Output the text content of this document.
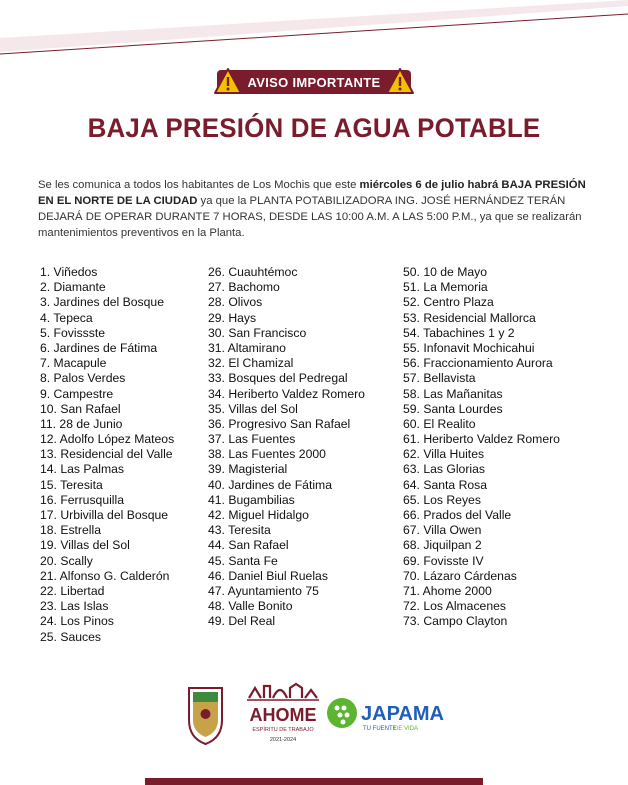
AVISO IMPORTANTE
BAJA PRESIÓN DE AGUA POTABLE

Se les comunica a todos los habitantes de Los Mochis que este miércoles 6 de julio habrá BAJA PRESIÓN EN EL NORTE DE LA CIUDAD ya que la PLANTA POTABILIZADORA ING. JOSÉ HERNÁNDEZ TERÁN DEJARÁ DE OPERAR DURANTE 7 HORAS, DESDE LAS 10:00 A.M. A LAS 5:00 P.M., ya que se realizarán mantenimientos preventivos en la Planta.

1. Viñedos
2. Diamante
3. Jardines del Bosque
4. Tepeca
5. Fovissste
6. Jardines de Fátima
7. Macapule
8. Palos Verdes
9. Campestre
10. San Rafael
11. 28 de Junio
12. Adolfo López Mateos
13. Residencial del Valle
14. Las Palmas
15. Teresita
16. Ferrusquilla
17. Urbivilla del Bosque
18. Estrella
19. Villas del Sol
20. Scally
21. Alfonso G. Calderón
22. Libertad
23. Las Islas
24. Los Pinos
25. Sauces
26. Cuauhtémoc
27. Bachomo
28. Olivos
29. Hays
30. San Francisco
31. Altamirano
32. El Chamizal
33. Bosques del Pedregal
34. Heriberto Valdez Romero
35. Villas del Sol
36. Progresivo San Rafael
37. Las Fuentes
38. Las Fuentes 2000
39. Magisterial
40. Jardines de Fátima
41. Bugambilias
42. Miguel Hidalgo
43. Teresita
44. San Rafael
45. Santa Fe
46. Daniel Biul Ruelas
47. Ayuntamiento 75
48. Valle Bonito
49. Del Real
50. 10 de Mayo
51. La Memoria
52. Centro Plaza
53. Residencial Mallorca
54. Tabachines 1 y 2
55. Infonavit Mochicahui
56. Fraccionamiento Aurora
57. Bellavista
58. Las Mañanitas
59. Santa Lourdes
60. El Realito
61. Heriberto Valdez Romero
62. Villa Huites
63. Las Glorias
64. Santa Rosa
65. Los Reyes
66. Prados del Valle
67. Villa Owen
68. Jiquilpan 2
69. Fovisste IV
70. Lázaro Cárdenas
71. Ahome 2000
72. Los Almacenes
73. Campo Clayton
AHOME
ESPÍRITU DE TRABAJO
2021-2024
JAPAMA
TU FUENTE
DE VIDA
